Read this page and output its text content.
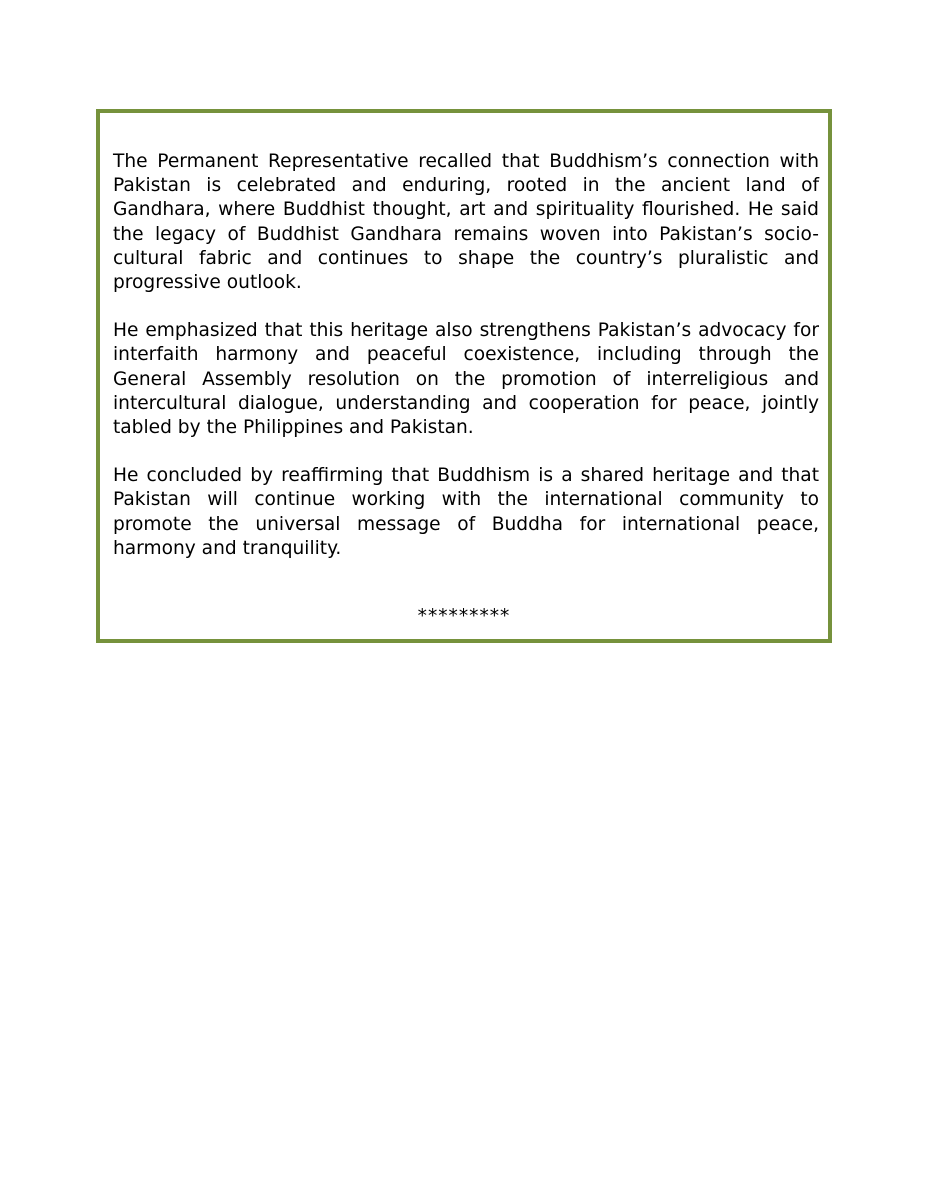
The Permanent Representative recalled that Buddhism’s connection with Pakistan is celebrated and enduring, rooted in the ancient land of Gandhara, where Buddhist thought, art and spirituality flourished. He said the legacy of Buddhist Gandhara remains woven into Pakistan’s socio-cultural fabric and continues to shape the country’s pluralistic and progressive outlook.

He emphasized that this heritage also strengthens Pakistan’s advocacy for interfaith harmony and peaceful coexistence, including through the General Assembly resolution on the promotion of interreligious and intercultural dialogue, understanding and cooperation for peace, jointly tabled by the Philippines and Pakistan.

He concluded by reaffirming that Buddhism is a shared heritage and that Pakistan will continue working with the international community to promote the universal message of Buddha for international peace, harmony and tranquility.

*********
